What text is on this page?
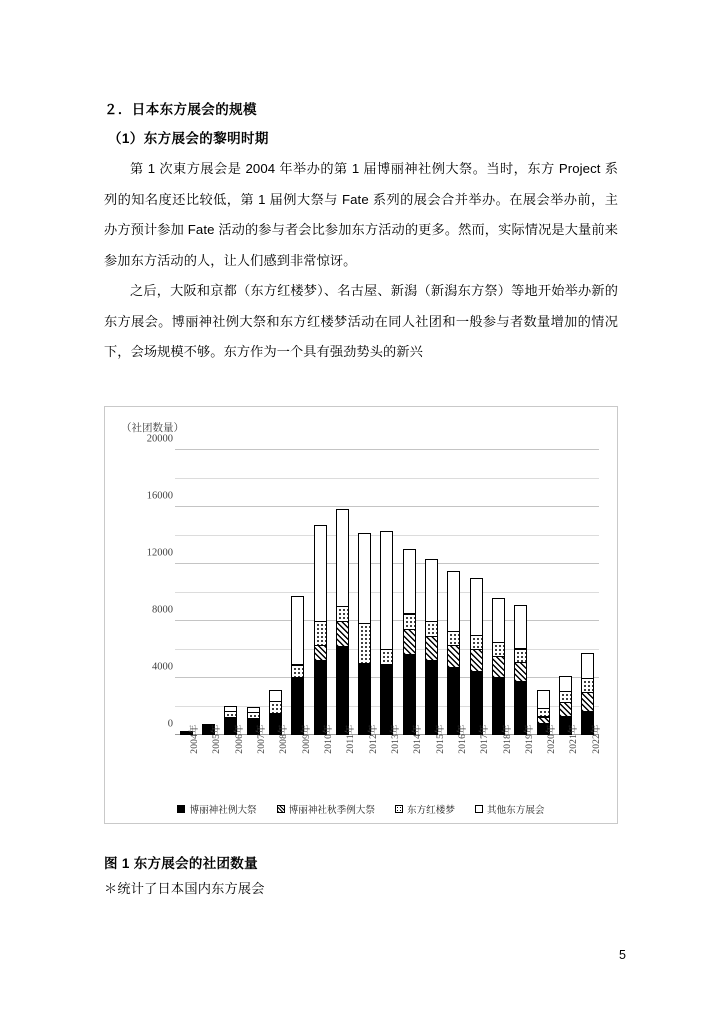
２．日本东方展会的规模
（1）东方展会的黎明时期

第 1 次東方展会是 2004 年举办的第 1 届博丽神社例大祭。当时，东方 Project 系列的知名度还比较低，第 1 届例大祭与 Fate 系列的展会合并举办。在展会举办前，主办方预计参加 Fate 活动的参与者会比参加东方活动的更多。然而，实际情况是大量前来参加东方活动的人，让人们感到非常惊讶。

之后，大阪和京都（东方红楼梦）、名古屋、新潟（新潟东方祭）等地开始举办新的东方展会。博丽神社例大祭和东方红楼梦活动在同人社团和一般参与者数量增加的情况下，会场规模不够。东方作为一个具有强劲势头的新兴

（社团数量）
0
4000
8000
12000
16000
20000
2004年	2005年	2006年	2007年	2008年	2009年	2010年	2011年	2012年	2013年	2014年	2015年	2016年	2017年	2018年	2019年	2020年	2021年	2022年
博丽神社例大祭	博丽神社秋季例大祭	东方红楼梦	其他东方展会
图 1 东方展会的社团数量
＊统计了日本国内东方展会
5
